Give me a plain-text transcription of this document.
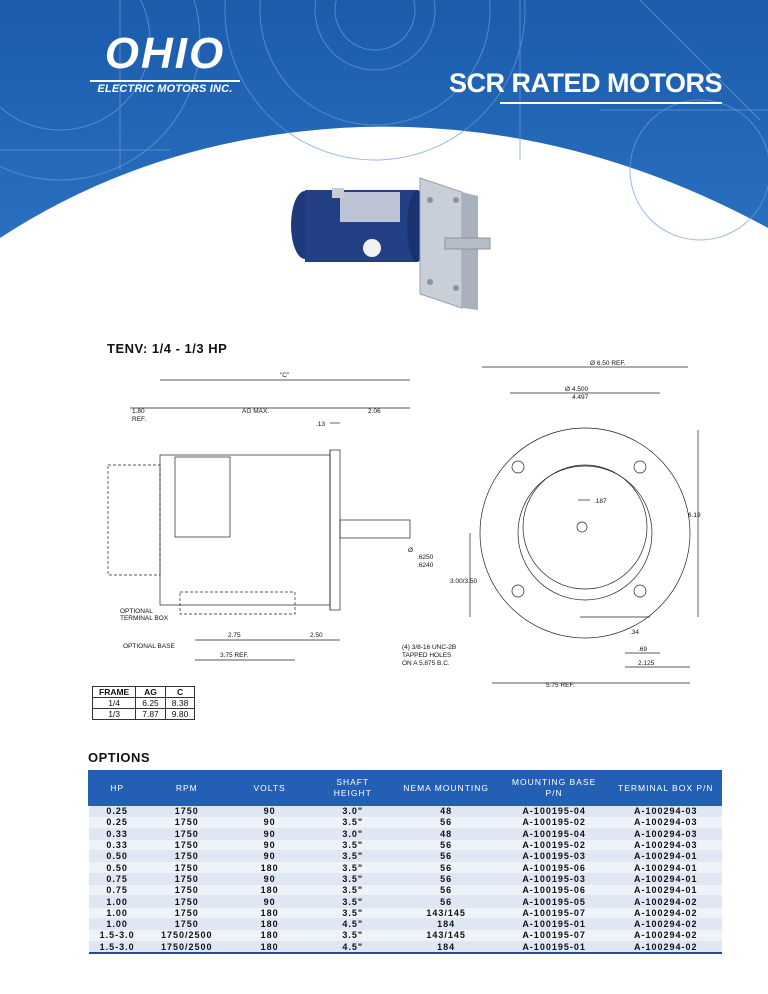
OHIO
ELECTRIC MOTORS INC.	SCR RATED MOTORS
TENV: 1/4 - 1/3 HP
"C"
1.80
REF.
AG MAX.	2.06
.13
Ø
.6250
.6240
OPTIONAL
TERMINAL BOX
OPTIONAL BASE
2.75	2.50
3.75 REF.
Ø 6.50 REF.
Ø 4.500
4.497
.187
6.19
3.00/3.50
(4) 3/8-16 UNC-2B
TAPPED HOLES
ON A 5.875 B.C.
.34
.69
2.125
5.75 REF.
FRAME	AG	C
1/4	6.25	8.38
1/3	7.87	9.80
OPTIONS
HP	RPM	VOLTS	SHAFT HEIGHT	NEMA MOUNTING	MOUNTING BASE P/N	TERMINAL BOX P/N
0.25	1750	90	3.0"	48	A-100195-04	A-100294-03
0.25	1750	90	3.5"	56	A-100195-02	A-100294-03
0.33	1750	90	3.0"	48	A-100195-04	A-100294-03
0.33	1750	90	3.5"	56	A-100195-02	A-100294-03
0.50	1750	90	3.5"	56	A-100195-03	A-100294-01
0.50	1750	180	3.5"	56	A-100195-06	A-100294-01
0.75	1750	90	3.5"	56	A-100195-03	A-100294-01
0.75	1750	180	3.5"	56	A-100195-06	A-100294-01
1.00	1750	90	3.5"	56	A-100195-05	A-100294-02
1.00	1750	180	3.5"	143/145	A-100195-07	A-100294-02
1.00	1750	180	4.5"	184	A-100195-01	A-100294-02
1.5-3.0	1750/2500	180	3.5"	143/145	A-100195-07	A-100294-02
1.5-3.0	1750/2500	180	4.5"	184	A-100195-01	A-100294-02
